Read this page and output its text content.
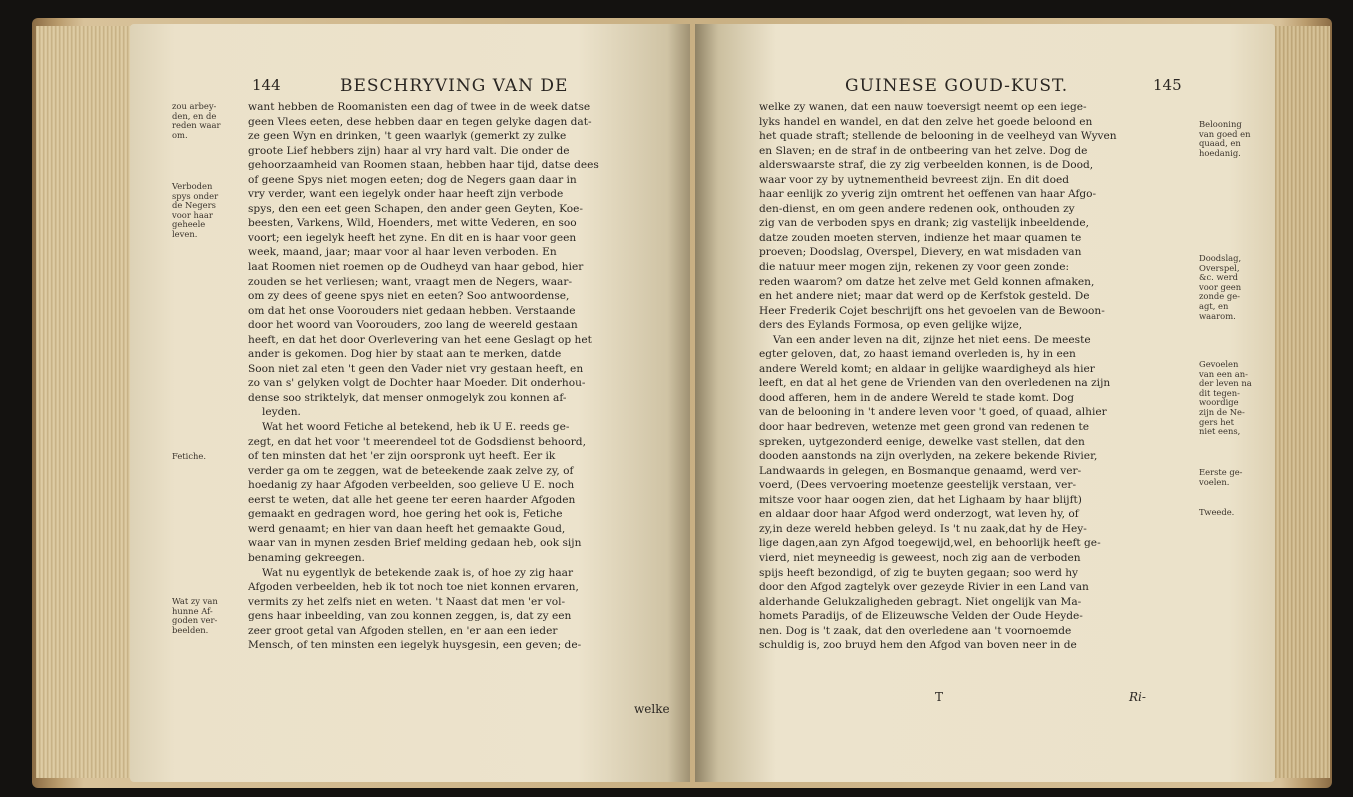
144	BESCHRYVING VAN DE
want hebben de Roomanisten een dag of twee in de week datse
geen Vlees eeten, dese hebben daar en tegen gelyke dagen dat-
ze geen Wyn en drinken, 't geen waarlyk (gemerkt zy zulke
groote Lief hebbers zijn) haar al vry hard valt. Die onder de
gehoorzaamheid van Roomen staan, hebben haar tijd, datse dees
of geene Spys niet mogen eeten; dog de Negers gaan daar in
vry verder, want een iegelyk onder haar heeft zijn verbode
spys, den een eet geen Schapen, den ander geen Geyten, Koe-
beesten, Varkens, Wild, Hoenders, met witte Vederen, en soo
voort; een iegelyk heeft het zyne. En dit en is haar voor geen
week, maand, jaar; maar voor al haar leven verboden. En
laat Roomen niet roemen op de Oudheyd van haar gebod, hier
zouden se het verliesen; want, vraagt men de Negers, waar-
om zy dees of geene spys niet en eeten? Soo antwoordense,
om dat het onse Voorouders niet gedaan hebben. Verstaande
door het woord van Voorouders, zoo lang de weereld gestaan
heeft, en dat het door Overlevering van het eene Geslagt op het
ander is gekomen. Dog hier by staat aan te merken, datde
Soon niet zal eten 't geen den Vader niet vry gestaan heeft, en
zo van s' gelyken volgt de Dochter haar Moeder. Dit onderhou-
dense soo striktelyk, dat menser onmogelyk zou konnen af-
leyden.
Wat het woord Fetiche al betekend, heb ik U E. reeds ge-
zegt, en dat het voor 't meerendeel tot de Godsdienst behoord,
of ten minsten dat het 'er zijn oorspronk uyt heeft. Eer ik
verder ga om te zeggen, wat de beteekende zaak zelve zy, of
hoedanig zy haar Afgoden verbeelden, soo gelieve U E. noch
eerst te weten, dat alle het geene ter eeren haarder Afgoden
gemaakt en gedragen word, hoe gering het ook is, Fetiche
werd genaamt; en hier van daan heeft het gemaakte Goud,
waar van in mynen zesden Brief melding gedaan heb, ook sijn
benaming gekreegen.
Wat nu eygentlyk de betekende zaak is, of hoe zy zig haar
Afgoden verbeelden, heb ik tot noch toe niet konnen ervaren,
vermits zy het zelfs niet en weten. 't Naast dat men 'er vol-
gens haar inbeelding, van zou konnen zeggen, is, dat zy een
zeer groot getal van Afgoden stellen, en 'er aan een ieder
Mensch, of ten minsten een iegelyk huysgesin, een geven; de-
welke
zou arbey-
den, en de
reden waar
om.
Verboden
spys onder
de Negers
voor haar
geheele
leven.
Fetiche.
Wat zy van
hunne Af-
goden ver-
beelden.
GUINESE GOUD-KUST.	145
welke zy wanen, dat een nauw toeversigt neemt op een iege-
lyks handel en wandel, en dat den zelve het goede beloond en
het quade straft; stellende de belooning in de veelheyd van Wyven
en Slaven; en de straf in de ontbeering van het zelve. Dog de
alderswaarste straf, die zy zig verbeelden konnen, is de Dood,
waar voor zy by uytnementheid bevreest zijn. En dit doed
haar eenlijk zo yverig zijn omtrent het oeffenen van haar Afgo-
den-dienst, en om geen andere redenen ook, onthouden zy
zig van de verboden spys en drank; zig vastelijk inbeeldende,
datze zouden moeten sterven, indienze het maar quamen te
proeven; Doodslag, Overspel, Dievery, en wat misdaden van
die natuur meer mogen zijn, rekenen zy voor geen zonde:
reden waarom? om datze het zelve met Geld konnen afmaken,
en het andere niet; maar dat werd op de Kerfstok gesteld. De
Heer Frederik Cojet beschrijft ons het gevoelen van de Bewoon-
ders des Eylands Formosa, op even gelijke wijze,
Van een ander leven na dit, zijnze het niet eens. De meeste
egter geloven, dat, zo haast iemand overleden is, hy in een
andere Wereld komt; en aldaar in gelijke waardigheyd als hier
leeft, en dat al het gene de Vrienden van den overledenen na zijn
dood afferen, hem in de andere Wereld te stade komt. Dog
van de belooning in 't andere leven voor 't goed, of quaad, alhier
door haar bedreven, wetenze met geen grond van redenen te
spreken, uytgezonderd eenige, dewelke vast stellen, dat den
dooden aanstonds na zijn overlyden, na zekere bekende Rivier,
Landwaards in gelegen, en Bosmanque genaamd, werd ver-
voerd, (Dees vervoering moetenze geestelijk verstaan, ver-
mitsze voor haar oogen zien, dat het Lighaam by haar blijft)
en aldaar door haar Afgod werd onderzogt, wat leven hy, of
zy,in deze wereld hebben geleyd. Is 't nu zaak,dat hy de Hey-
lige dagen,aan zyn Afgod toegewijd,wel, en behoorlijk heeft ge-
vierd, niet meyneedig is geweest, noch zig aan de verboden
spijs heeft bezondigd, of zig te buyten gegaan; soo werd hy
door den Afgod zagtelyk over gezeyde Rivier in een Land van
alderhande Gelukzaligheden gebragt. Niet ongelijk van Ma-
homets Paradijs, of de Elizeuwsche Velden der Oude Heyde-
nen. Dog is 't zaak, dat den overledene aan 't voornoemde
schuldig is, zoo bruyd hem den Afgod van boven neer in de
T	Ri-
Belooning
van goed en
quaad, en
hoedanig.
Doodslag,
Overspel,
&c. werd
voor geen
zonde ge-
agt, en
waarom.
Gevoelen
van een an-
der leven na
dit tegen-
woordige
zijn de Ne-
gers het
niet eens,
Eerste ge-
voelen.
Tweede.
